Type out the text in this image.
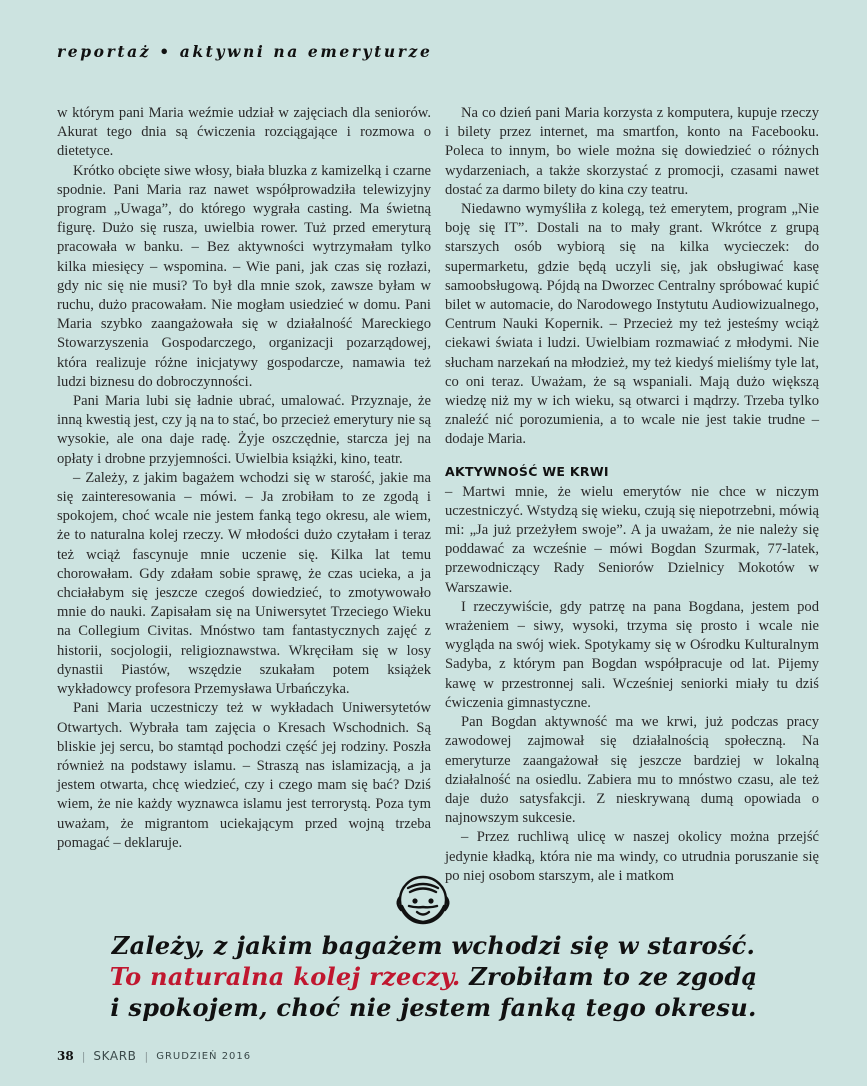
reportaż • aktywni na emeryturze

w którym pani Maria weźmie udział w zajęciach dla seniorów. Akurat tego dnia są ćwiczenia rozciągające i rozmowa o dietetyce.

Krótko obcięte siwe włosy, biała bluzka z kamizelką i czarne spodnie. Pani Maria raz nawet współprowadziła telewizyjny program „Uwaga”, do którego wygrała casting. Ma świetną figurę. Dużo się rusza, uwielbia rower. Tuż przed emeryturą pracowała w banku. – Bez aktywności wytrzymałam tylko kilka miesięcy – wspomina. – Wie pani, jak czas się rozłazi, gdy nic się nie musi? To był dla mnie szok, zawsze byłam w ruchu, dużo pracowałam. Nie mogłam usiedzieć w domu. Pani Maria szybko zaangażowała się w działalność Mareckiego Stowarzyszenia Gospodarczego, organizacji pozarządowej, która realizuje różne inicjatywy gospodarcze, namawia też ludzi biznesu do dobroczynności.

Pani Maria lubi się ładnie ubrać, umalować. Przyznaje, że inną kwestią jest, czy ją na to stać, bo przecież emerytury nie są wysokie, ale ona daje radę. Żyje oszczędnie, starcza jej na opłaty i drobne przyjemności. Uwielbia książki, kino, teatr.

– Zależy, z jakim bagażem wchodzi się w starość, jakie ma się zainteresowania – mówi. – Ja zrobiłam to ze zgodą i spokojem, choć wcale nie jestem fanką tego okresu, ale wiem, że to naturalna kolej rzeczy. W młodości dużo czytałam i teraz też wciąż fascynuje mnie uczenie się. Kilka lat temu chorowałam. Gdy zdałam sobie sprawę, że czas ucieka, a ja chciałabym się jeszcze czegoś dowiedzieć, to zmotywowało mnie do nauki. Zapisałam się na Uniwersytet Trzeciego Wieku na Collegium Civitas. Mnóstwo tam fantastycznych zajęć z historii, socjologii, religioznawstwa. Wkręciłam się w losy dynastii Piastów, wszędzie szukałam potem książek wykładowcy profesora Przemysława Urbańczyka.

Pani Maria uczestniczy też w wykładach Uniwersytetów Otwartych. Wybrała tam zajęcia o Kresach Wschodnich. Są bliskie jej sercu, bo stamtąd pochodzi część jej rodziny. Poszła również na podstawy islamu. – Straszą nas islamizacją, a ja jestem otwarta, chcę wiedzieć, czy i czego mam się bać? Dziś wiem, że nie każdy wyznawca islamu jest terrorystą. Poza tym uważam, że migrantom uciekającym przed wojną trzeba pomagać – deklaruje.

Na co dzień pani Maria korzysta z komputera, kupuje rzeczy i bilety przez internet, ma smartfon, konto na Facebooku. Poleca to innym, bo wiele można się dowiedzieć o różnych wydarzeniach, a także skorzystać z promocji, czasami nawet dostać za darmo bilety do kina czy teatru.

Niedawno wymyśliła z kolegą, też emerytem, program „Nie boję się IT”. Dostali na to mały grant. Wkrótce z grupą starszych osób wybiorą się na kilka wycieczek: do supermarketu, gdzie będą uczyli się, jak obsługiwać kasę samoobsługową. Pójdą na Dworzec Centralny spróbować kupić bilet w automacie, do Narodowego Instytutu Audiowizualnego, Centrum Nauki Kopernik. – Przecież my też jesteśmy wciąż ciekawi świata i ludzi. Uwielbiam rozmawiać z młodymi. Nie słucham narzekań na młodzież, my też kiedyś mieliśmy tyle lat, co oni teraz. Uważam, że są wspaniali. Mają dużo większą wiedzę niż my w ich wieku, są otwarci i mądrzy. Trzeba tylko znaleźć nić porozumienia, a to wcale nie jest takie trudne – dodaje Maria.

AKTYWNOŚĆ WE KRWI

– Martwi mnie, że wielu emerytów nie chce w niczym uczestniczyć. Wstydzą się wieku, czują się niepotrzebni, mówią mi: „Ja już przeżyłem swoje”. A ja uważam, że nie należy się poddawać za wcześnie – mówi Bogdan Szurmak, 77-latek, przewodniczący Rady Seniorów Dzielnicy Mokotów w Warszawie.

I rzeczywiście, gdy patrzę na pana Bogdana, jestem pod wrażeniem – siwy, wysoki, trzyma się prosto i wcale nie wygląda na swój wiek. Spotykamy się w Ośrodku Kulturalnym Sadyba, z którym pan Bogdan współpracuje od lat. Pijemy kawę w przestronnej sali. Wcześniej seniorki miały tu dziś ćwiczenia gimnastyczne.

Pan Bogdan aktywność ma we krwi, już podczas pracy zawodowej zajmował się działalnością społeczną. Na emeryturze zaangażował się jeszcze bardziej w lokalną działalność na osiedlu. Zabiera mu to mnóstwo czasu, ale też daje dużo satysfakcji. Z nieskrywaną dumą opowiada o najnowszym sukcesie.

– Przez ruchliwą ulicę w naszej okolicy można przejść jedynie kładką, która nie ma windy, co utrudnia poruszanie się po niej osobom starszym, ale i matkom

Zależy, z jakim bagażem wchodzi się w starość.
To naturalna kolej rzeczy. Zrobiłam to ze zgodą
i spokojem, choć nie jestem fanką tego okresu.
38 | SKARB | GRUDZIEŃ 2016
